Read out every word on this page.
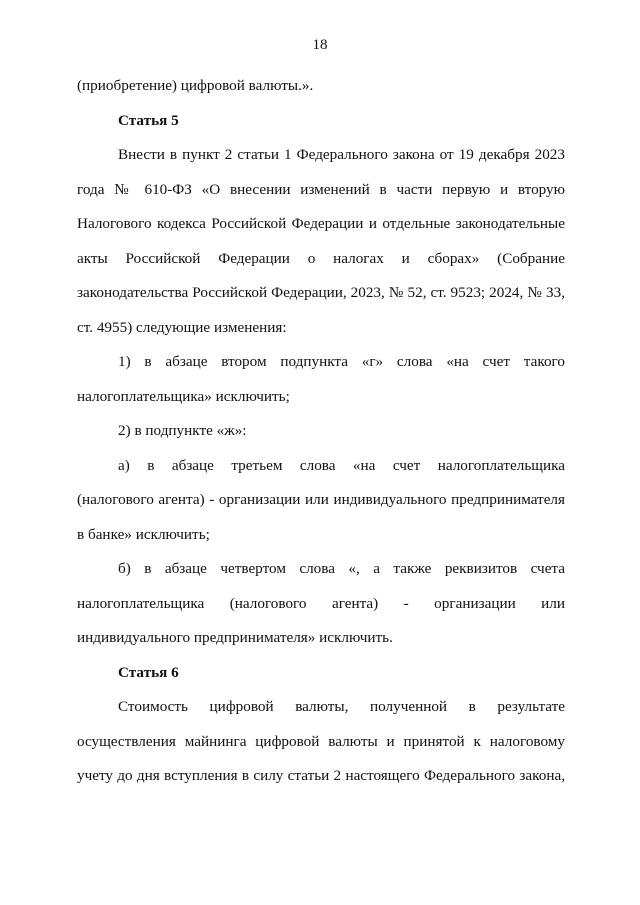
18
(приобретение) цифровой валюты.».
Статья 5
Внести в пункт 2 статьи 1 Федерального закона от 19 декабря 2023
года № 610-ФЗ «О внесении изменений в части первую и вторую
Налогового кодекса Российской Федерации и отдельные законодательные
акты Российской Федерации о налогах и сборах» (Собрание
законодательства Российской Федерации, 2023, № 52, ст. 9523; 2024, № 33,
ст. 4955) следующие изменения:
1) в абзаце втором подпункта «г» слова «на счет такого
налогоплательщика» исключить;
2) в подпункте «ж»:
а) в абзаце третьем слова «на счет налогоплательщика
(налогового агента) - организации или индивидуального предпринимателя
в банке» исключить;
б) в абзаце четвертом слова «, а также реквизитов счета
налогоплательщика (налогового агента) - организации или
индивидуального предпринимателя» исключить.
Статья 6
Стоимость цифровой валюты, полученной в результате
осуществления майнинга цифровой валюты и принятой к налоговому
учету до дня вступления в силу статьи 2 настоящего Федерального закона,
